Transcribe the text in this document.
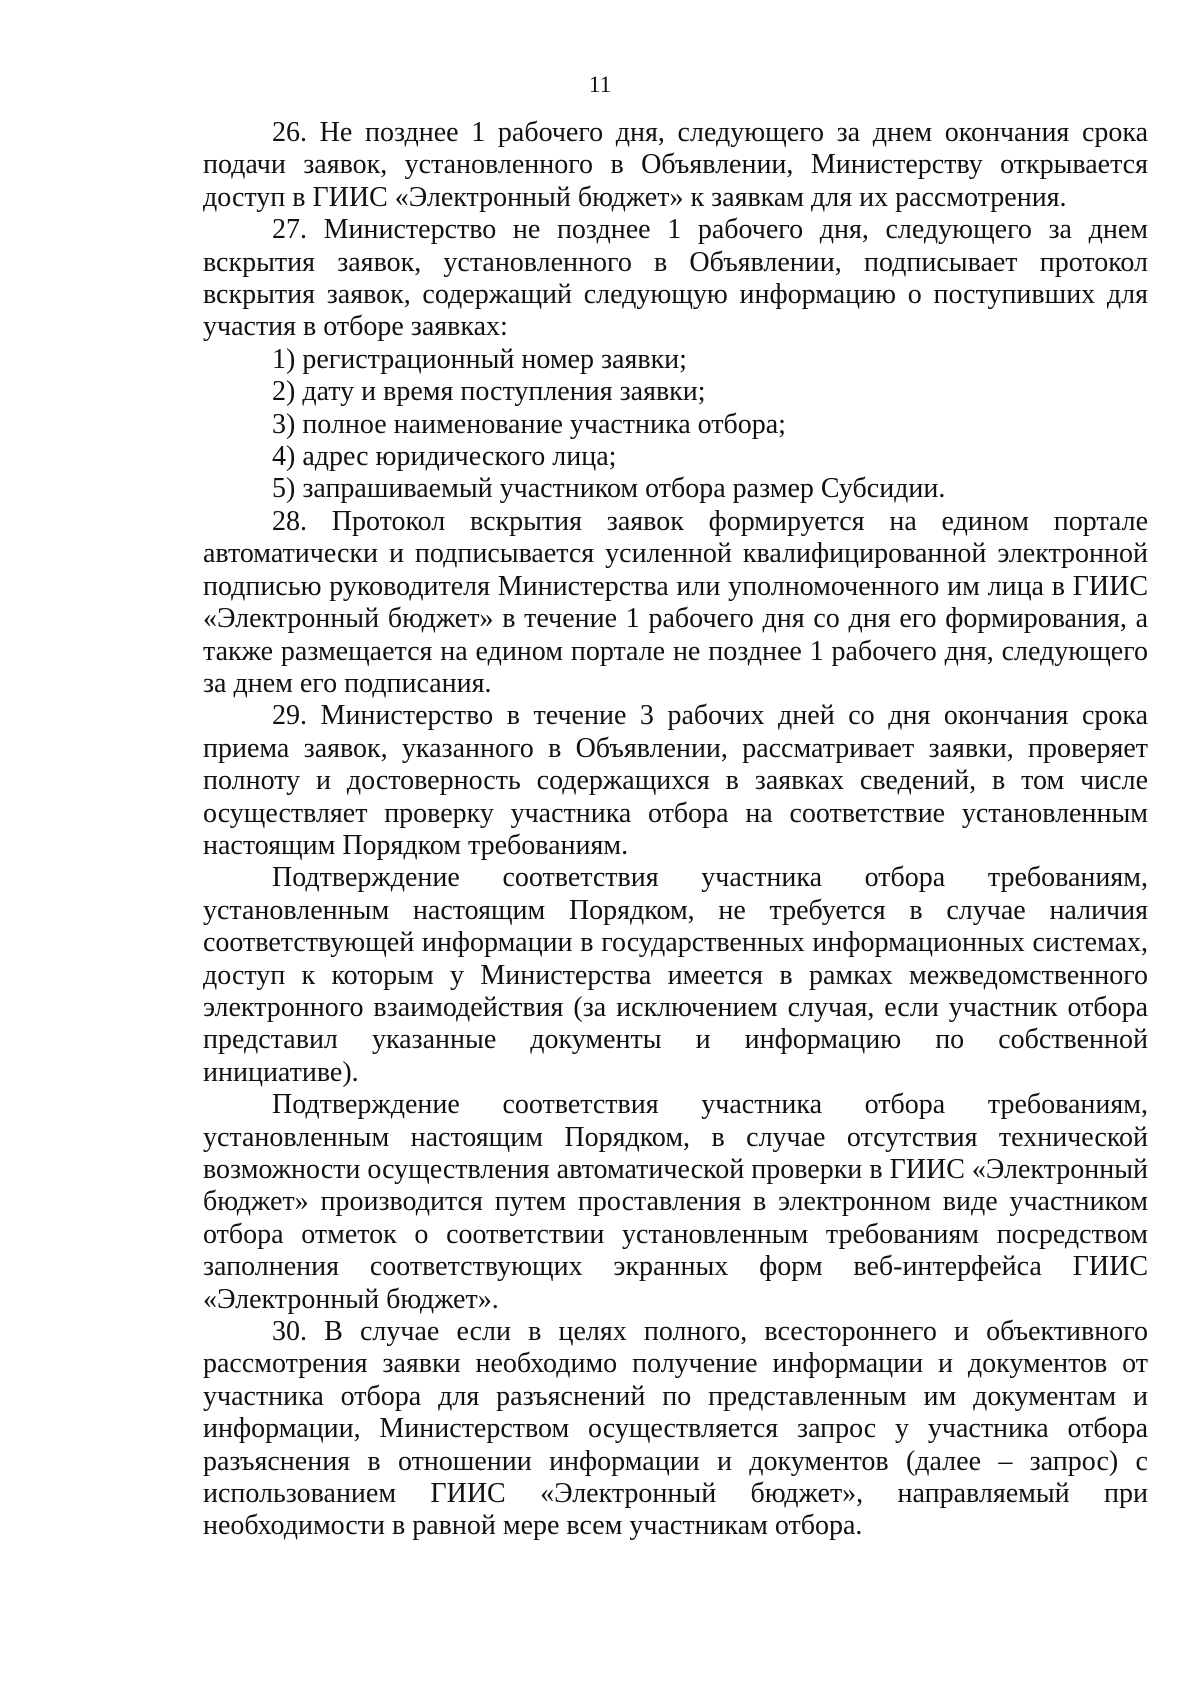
11

26. Не позднее 1 рабочего дня, следующего за днем окончания срока подачи заявок, установленного в Объявлении, Министерству открывается доступ в ГИИС «Электронный бюджет» к заявкам для их рассмотрения.

27. Министерство не позднее 1 рабочего дня, следующего за днем вскрытия заявок, установленного в Объявлении, подписывает протокол вскрытия заявок, содержащий следующую информацию о поступивших для участия в отборе заявках:

1) регистрационный номер заявки;

2) дату и время поступления заявки;

3) полное наименование участника отбора;

4) адрес юридического лица;

5) запрашиваемый участником отбора размер Субсидии.

28. Протокол вскрытия заявок формируется на едином портале автоматически и подписывается усиленной квалифицированной электронной подписью руководителя Министерства или уполномоченного им лица в ГИИС «Электронный бюджет» в течение 1 рабочего дня со дня его формирования, а также размещается на едином портале не позднее 1 рабочего дня, следующего за днем его подписания.

29. Министерство в течение 3 рабочих дней со дня окончания срока приема заявок, указанного в Объявлении, рассматривает заявки, проверяет полноту и достоверность содержащихся в заявках сведений, в том числе осуществляет проверку участника отбора на соответствие установленным настоящим Порядком требованиям.

Подтверждение соответствия участника отбора требованиям, установленным настоящим Порядком, не требуется в случае наличия соответствующей информации в государственных информационных системах, доступ к которым у Министерства имеется в рамках межведомственного электронного взаимодействия (за исключением случая, если участник отбора представил указанные документы и информацию по собственной инициативе).

Подтверждение соответствия участника отбора требованиям, установленным настоящим Порядком, в случае отсутствия технической возможности осуществления автоматической проверки в ГИИС «Электронный бюджет» производится путем проставления в электронном виде участником отбора отметок о соответствии установленным требованиям посредством заполнения соответствующих экранных форм веб-интерфейса ГИИС «Электронный бюджет».

30. В случае если в целях полного, всестороннего и объективного рассмотрения заявки необходимо получение информации и документов от участника отбора для разъяснений по представленным им документам и информации, Министерством осуществляется запрос у участника отбора разъяснения в отношении информации и документов (далее – запрос) с использованием ГИИС «Электронный бюджет», направляемый при необходимости в равной мере всем участникам отбора.
